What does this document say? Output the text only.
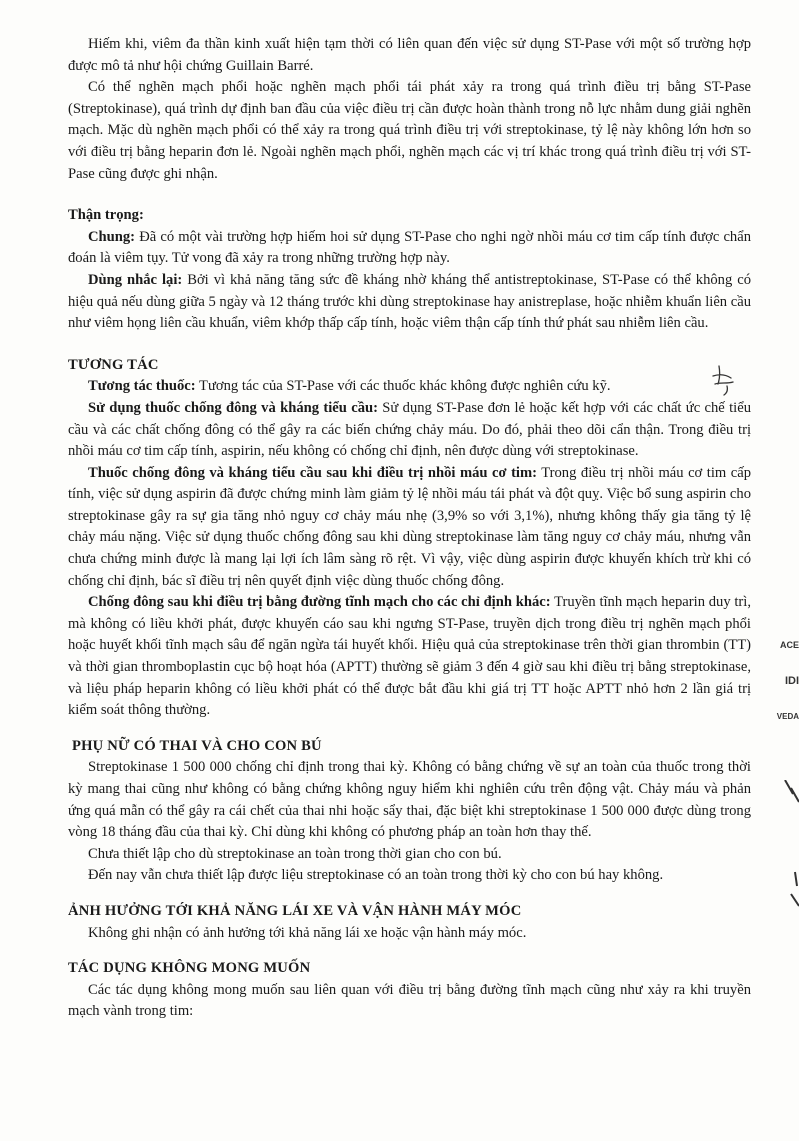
Hiếm khi, viêm đa thần kinh xuất hiện tạm thời có liên quan đến việc sử dụng ST-Pase với một số trường hợp được mô tả như hội chứng Guillain Barré.

Có thể nghẽn mạch phổi hoặc nghẽn mạch phổi tái phát xảy ra trong quá trình điều trị bằng ST-Pase (Streptokinase), quá trình dự định ban đầu của việc điều trị cần được hoàn thành trong nỗ lực nhằm dung giải nghẽn mạch. Mặc dù nghẽn mạch phổi có thể xảy ra trong quá trình điều trị với streptokinase, tỷ lệ này không lớn hơn so với điều trị bằng heparin đơn lẻ. Ngoài nghẽn mạch phổi, nghẽn mạch các vị trí khác trong quá trình điều trị với ST-Pase cũng được ghi nhận.

Thận trọng:

Chung: Đã có một vài trường hợp hiếm hoi sử dụng ST-Pase cho nghi ngờ nhồi máu cơ tim cấp tính được chẩn đoán là viêm tụy. Tử vong đã xảy ra trong những trường hợp này.

Dùng nhắc lại: Bởi vì khả năng tăng sức đề kháng nhờ kháng thể antistreptokinase, ST-Pase có thể không có hiệu quả nếu dùng giữa 5 ngày và 12 tháng trước khi dùng streptokinase hay anistreplase, hoặc nhiễm khuẩn liên cầu như viêm họng liên cầu khuẩn, viêm khớp thấp cấp tính, hoặc viêm thận cấp tính thứ phát sau nhiễm liên cầu.

TƯƠNG TÁC

Tương tác thuốc: Tương tác của ST-Pase với các thuốc khác không được nghiên cứu kỹ.

Sử dụng thuốc chống đông và kháng tiểu cầu: Sử dụng ST-Pase đơn lẻ hoặc kết hợp với các chất ức chế tiểu cầu và các chất chống đông có thể gây ra các biến chứng chảy máu. Do đó, phải theo dõi cẩn thận. Trong điều trị nhồi máu cơ tim cấp tính, aspirin, nếu không có chống chỉ định, nên được dùng với streptokinase.

Thuốc chống đông và kháng tiểu cầu sau khi điều trị nhồi máu cơ tim: Trong điều trị nhồi máu cơ tim cấp tính, việc sử dụng aspirin đã được chứng minh làm giảm tỷ lệ nhồi máu tái phát và đột quỵ. Việc bổ sung aspirin cho streptokinase gây ra sự gia tăng nhỏ nguy cơ chảy máu nhẹ (3,9% so với 3,1%), nhưng không thấy gia tăng tỷ lệ chảy máu nặng. Việc sử dụng thuốc chống đông sau khi dùng streptokinase làm tăng nguy cơ chảy máu, nhưng vẫn chưa chứng minh được là mang lại lợi ích lâm sàng rõ rệt. Vì vậy, việc dùng aspirin được khuyến khích trừ khi có chống chỉ định, bác sĩ điều trị nên quyết định việc dùng thuốc chống đông.

Chống đông sau khi điều trị bằng đường tĩnh mạch cho các chỉ định khác: Truyền tĩnh mạch heparin duy trì, mà không có liều khởi phát, được khuyến cáo sau khi ngưng ST-Pase, truyền dịch trong điều trị nghẽn mạch phổi hoặc huyết khối tĩnh mạch sâu để ngăn ngừa tái huyết khối. Hiệu quả của streptokinase trên thời gian thrombin (TT) và thời gian thromboplastin cục bộ hoạt hóa (APTT) thường sẽ giảm 3 đến 4 giờ sau khi điều trị bằng streptokinase, và liệu pháp heparin không có liều khởi phát có thể được bắt đầu khi giá trị TT hoặc APTT nhỏ hơn 2 lần giá trị kiểm soát thông thường.

PHỤ NỮ CÓ THAI VÀ CHO CON BÚ

Streptokinase 1 500 000 chống chỉ định trong thai kỳ. Không có bằng chứng về sự an toàn của thuốc trong thời kỳ mang thai cũng như không có bằng chứng không nguy hiểm khi nghiên cứu trên động vật. Chảy máu và phản ứng quá mẫn có thể gây ra cái chết của thai nhi hoặc sẩy thai, đặc biệt khi streptokinase 1 500 000 được dùng trong vòng 18 tháng đầu của thai kỳ. Chỉ dùng khi không có phương pháp an toàn hơn thay thế.

Chưa thiết lập cho dù streptokinase an toàn trong thời gian cho con bú.

Đến nay vẫn chưa thiết lập được liệu streptokinase có an toàn trong thời kỳ cho con bú hay không.

ẢNH HƯỞNG TỚI KHẢ NĂNG LÁI XE VÀ VẬN HÀNH MÁY MÓC

Không ghi nhận có ảnh hưởng tới khả năng lái xe hoặc vận hành máy móc.

TÁC DỤNG KHÔNG MONG MUỐN

Các tác dụng không mong muốn sau liên quan với điều trị bằng đường tĩnh mạch cũng như xảy ra khi truyền mạch vành trong tim:

ACE
IDI
VEDA
